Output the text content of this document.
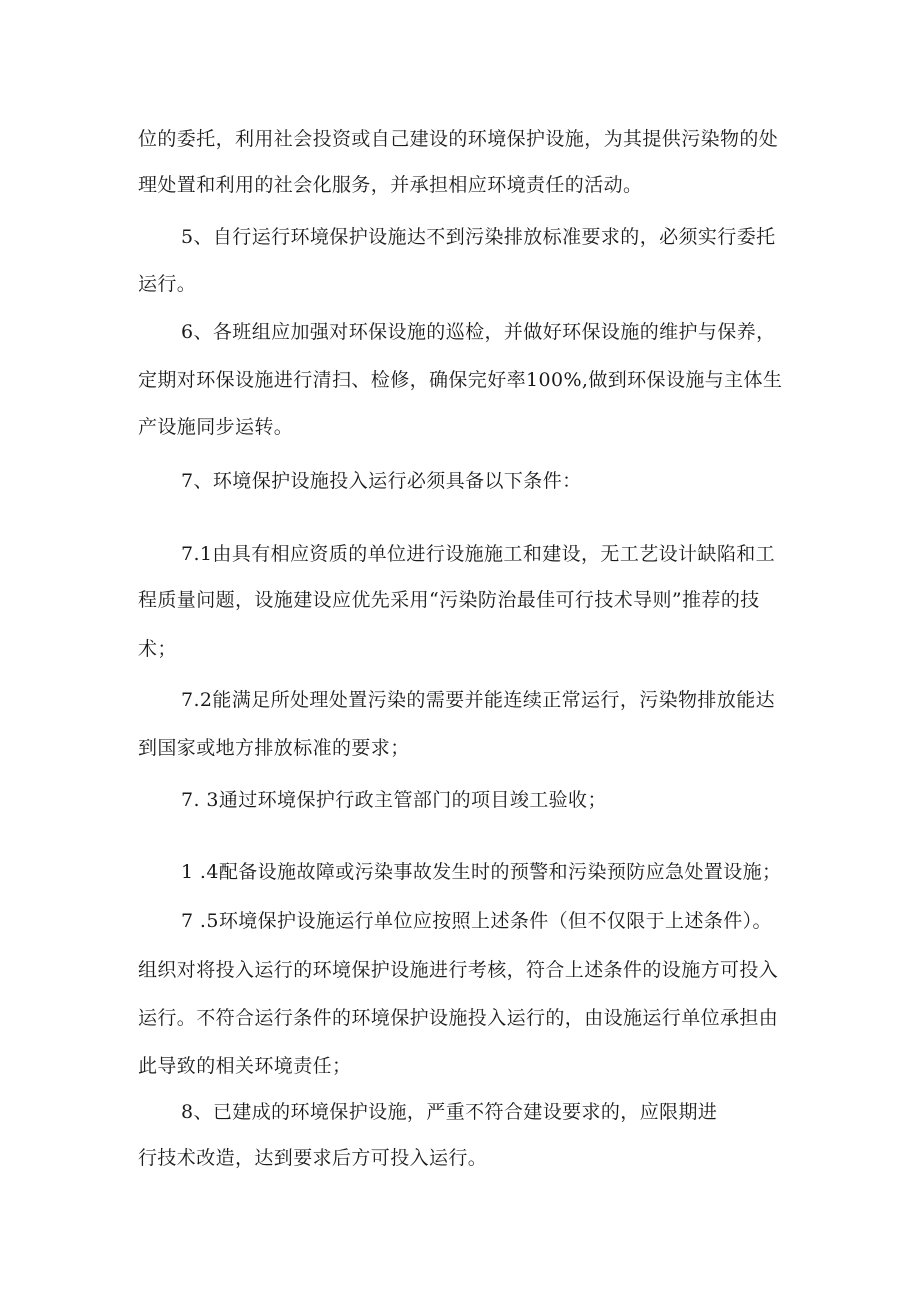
位的委托，利用社会投资或自己建设的环境保护设施，为其提供污染物的处
理处置和利用的社会化服务，并承担相应环境责任的活动。
5、自行运行环境保护设施达不到污染排放标准要求的，必须实行委托
运行。
6、各班组应加强对环保设施的巡检，并做好环保设施的维护与保养，
定期对环保设施进行清扫、检修，确保完好率100%,做到环保设施与主体生
产设施同步运转。
7、环境保护设施投入运行必须具备以下条件：
7.1由具有相应资质的单位进行设施施工和建设，无工艺设计缺陷和工
程质量问题，设施建设应优先采用“污染防治最佳可行技术导则”推荐的技
术；
7.2能满足所处理处置污染的需要并能连续正常运行，污染物排放能达
到国家或地方排放标准的要求；
7. 3通过环境保护行政主管部门的项目竣工验收；
1 .4配备设施故障或污染事故发生时的预警和污染预防应急处置设施；
7 .5环境保护设施运行单位应按照上述条件（但不仅限于上述条件）。
组织对将投入运行的环境保护设施进行考核，符合上述条件的设施方可投入
运行。不符合运行条件的环境保护设施投入运行的，由设施运行单位承担由
此导致的相关环境责任；
8、已建成的环境保护设施，严重不符合建设要求的，应限期进
行技术改造，达到要求后方可投入运行。
